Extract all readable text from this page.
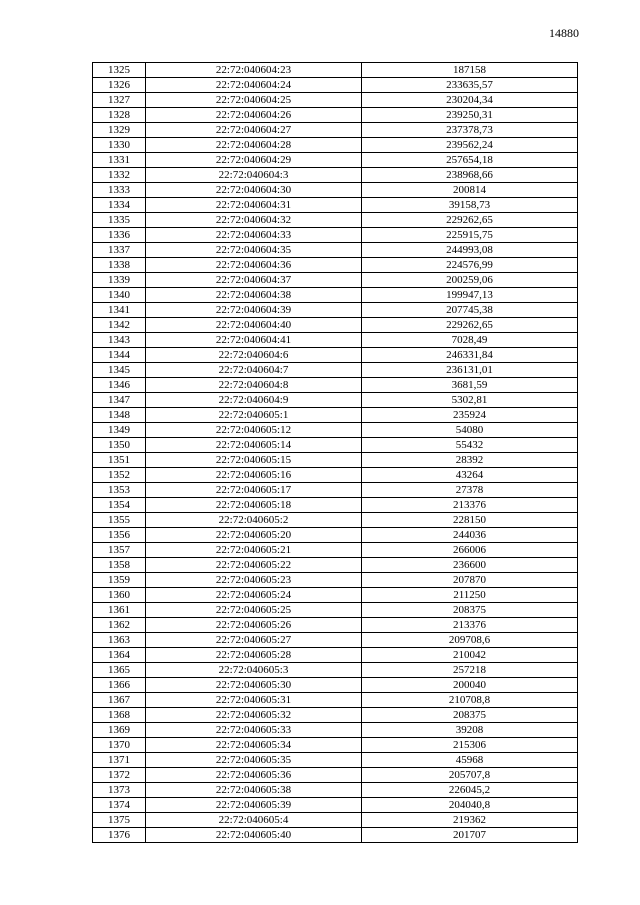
14880
1325	22:72:040604:23	187158
1326	22:72:040604:24	233635,57
1327	22:72:040604:25	230204,34
1328	22:72:040604:26	239250,31
1329	22:72:040604:27	237378,73
1330	22:72:040604:28	239562,24
1331	22:72:040604:29	257654,18
1332	22:72:040604:3	238968,66
1333	22:72:040604:30	200814
1334	22:72:040604:31	39158,73
1335	22:72:040604:32	229262,65
1336	22:72:040604:33	225915,75
1337	22:72:040604:35	244993,08
1338	22:72:040604:36	224576,99
1339	22:72:040604:37	200259,06
1340	22:72:040604:38	199947,13
1341	22:72:040604:39	207745,38
1342	22:72:040604:40	229262,65
1343	22:72:040604:41	7028,49
1344	22:72:040604:6	246331,84
1345	22:72:040604:7	236131,01
1346	22:72:040604:8	3681,59
1347	22:72:040604:9	5302,81
1348	22:72:040605:1	235924
1349	22:72:040605:12	54080
1350	22:72:040605:14	55432
1351	22:72:040605:15	28392
1352	22:72:040605:16	43264
1353	22:72:040605:17	27378
1354	22:72:040605:18	213376
1355	22:72:040605:2	228150
1356	22:72:040605:20	244036
1357	22:72:040605:21	266006
1358	22:72:040605:22	236600
1359	22:72:040605:23	207870
1360	22:72:040605:24	211250
1361	22:72:040605:25	208375
1362	22:72:040605:26	213376
1363	22:72:040605:27	209708,6
1364	22:72:040605:28	210042
1365	22:72:040605:3	257218
1366	22:72:040605:30	200040
1367	22:72:040605:31	210708,8
1368	22:72:040605:32	208375
1369	22:72:040605:33	39208
1370	22:72:040605:34	215306
1371	22:72:040605:35	45968
1372	22:72:040605:36	205707,8
1373	22:72:040605:38	226045,2
1374	22:72:040605:39	204040,8
1375	22:72:040605:4	219362
1376	22:72:040605:40	201707
